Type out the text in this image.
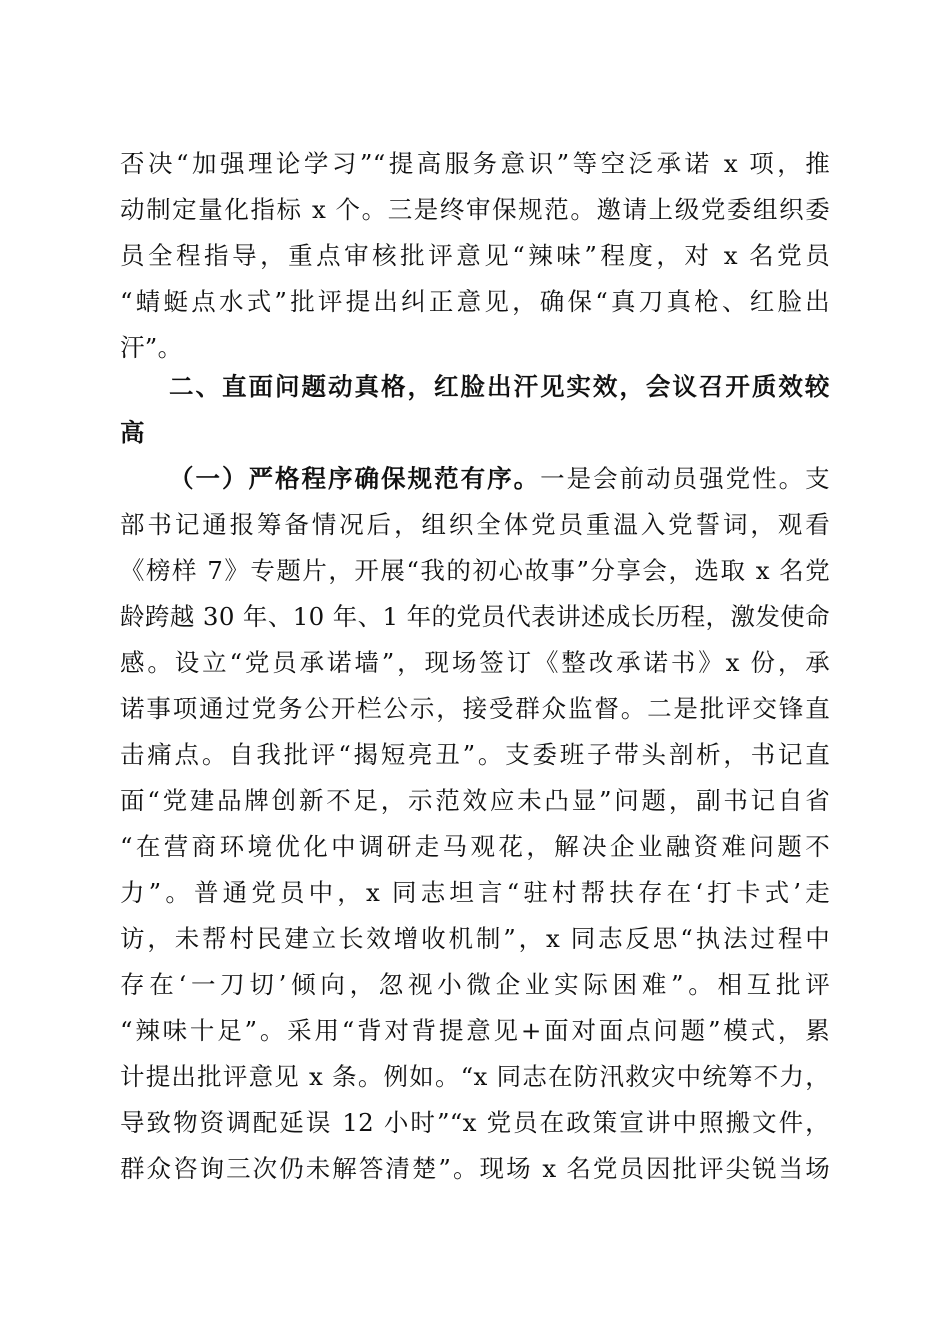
否决“加强理论学习”“提高服务意识”等空泛承诺 x 项，推
动制定量化指标 x 个。三是终审保规范。邀请上级党委组织委
员全程指导，重点审核批评意见“辣味”程度，对 x 名党员
“蜻蜓点水式”批评提出纠正意见，确保“真刀真枪、红脸出
汗”。
二、直面问题动真格，红脸出汗见实效，会议召开质效较
高
（一）严格程序确保规范有序。一是会前动员强党性。支
部书记通报筹备情况后，组织全体党员重温入党誓词，观看
《榜样 7》专题片，开展“我的初心故事”分享会，选取 x 名党
龄跨越 30 年、10 年、1 年的党员代表讲述成长历程，激发使命
感。设立“党员承诺墙”，现场签订《整改承诺书》x 份，承
诺事项通过党务公开栏公示，接受群众监督。二是批评交锋直
击痛点。自我批评“揭短亮丑”。支委班子带头剖析，书记直
面“党建品牌创新不足，示范效应未凸显”问题，副书记自省
“在营商环境优化中调研走马观花，解决企业融资难问题不
力”。普通党员中，x 同志坦言“驻村帮扶存在‘打卡式’走
访，未帮村民建立长效增收机制”，x 同志反思“执法过程中
存在‘一刀切’倾向，忽视小微企业实际困难”。相互批评
“辣味十足”。采用“背对背提意见+面对面点问题”模式，累
计提出批评意见 x 条。例如。“x 同志在防汛救灾中统筹不力，
导致物资调配延误 12 小时”“x 党员在政策宣讲中照搬文件，
群众咨询三次仍未解答清楚”。现场 x 名党员因批评尖锐当场
